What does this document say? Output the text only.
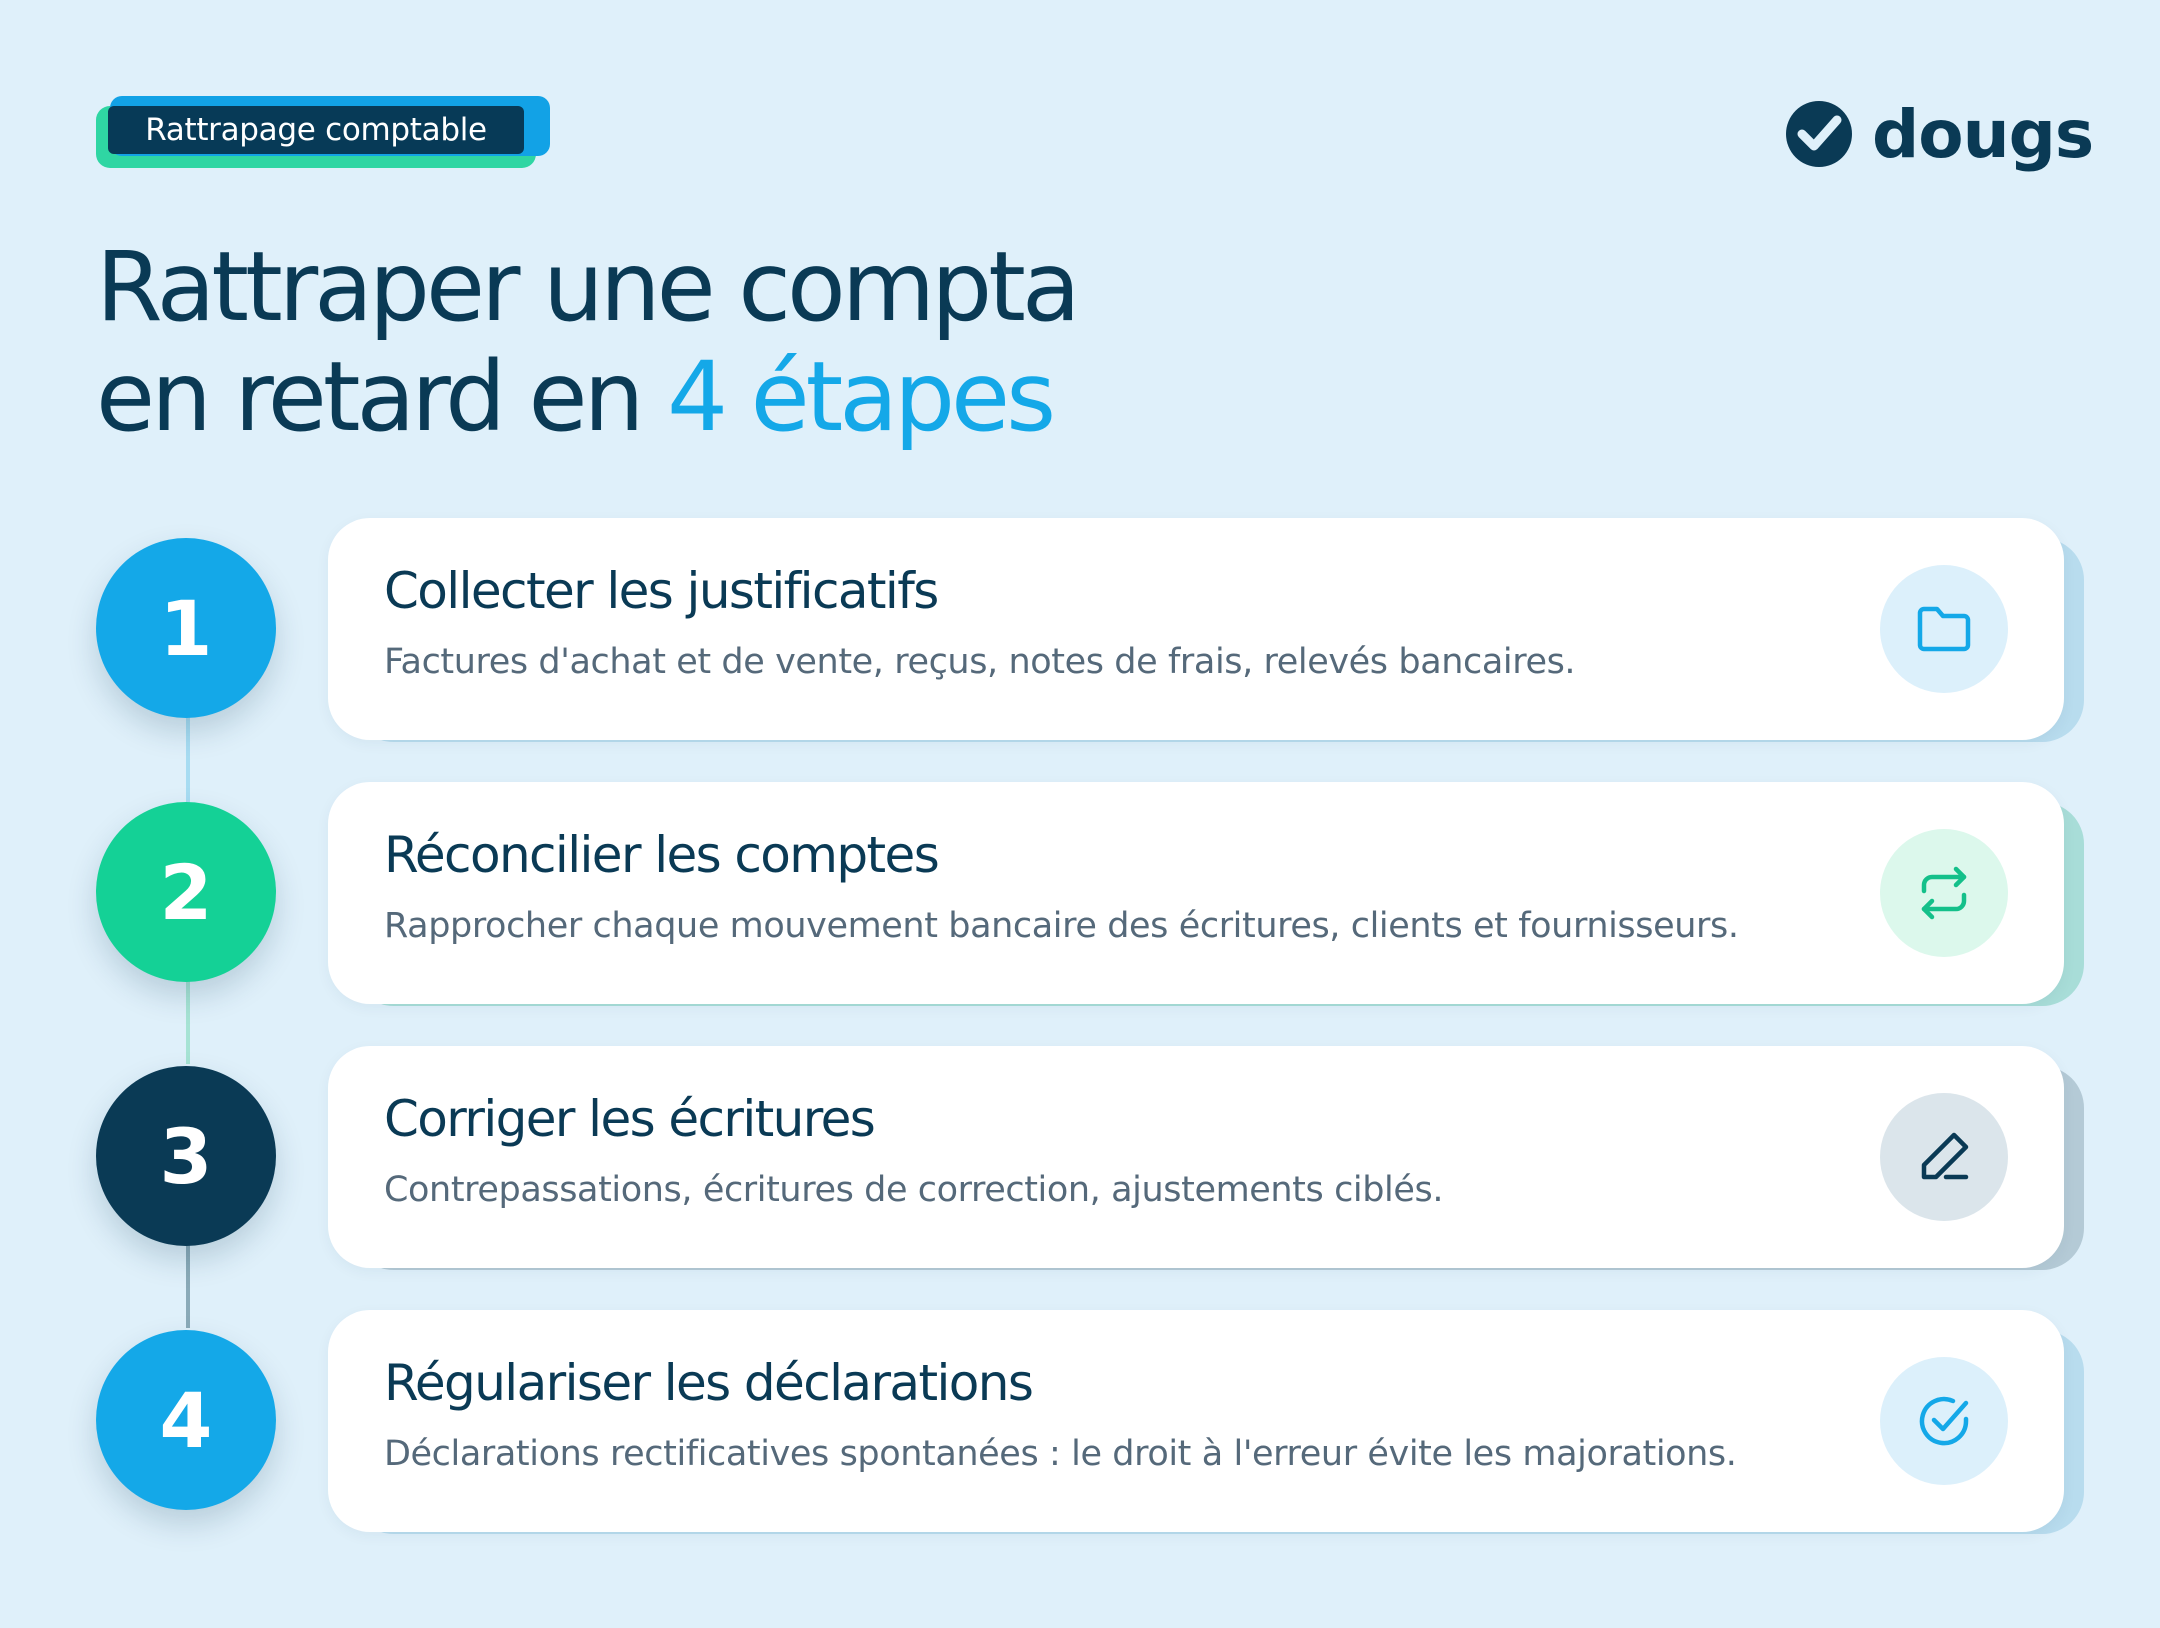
Rattrapage comptable	dougs
Rattraper une compta
en retard en 4 étapes
1	Collecter les justificatifs

Factures d'achat et de vente, reçus, notes de frais, relevés bancaires.

2	Réconcilier les comptes

Rapprocher chaque mouvement bancaire des écritures, clients et fournisseurs.

3	Corriger les écritures

Contrepassations, écritures de correction, ajustements ciblés.

4	Régulariser les déclarations

Déclarations rectificatives spontanées : le droit à l'erreur évite les majorations.
